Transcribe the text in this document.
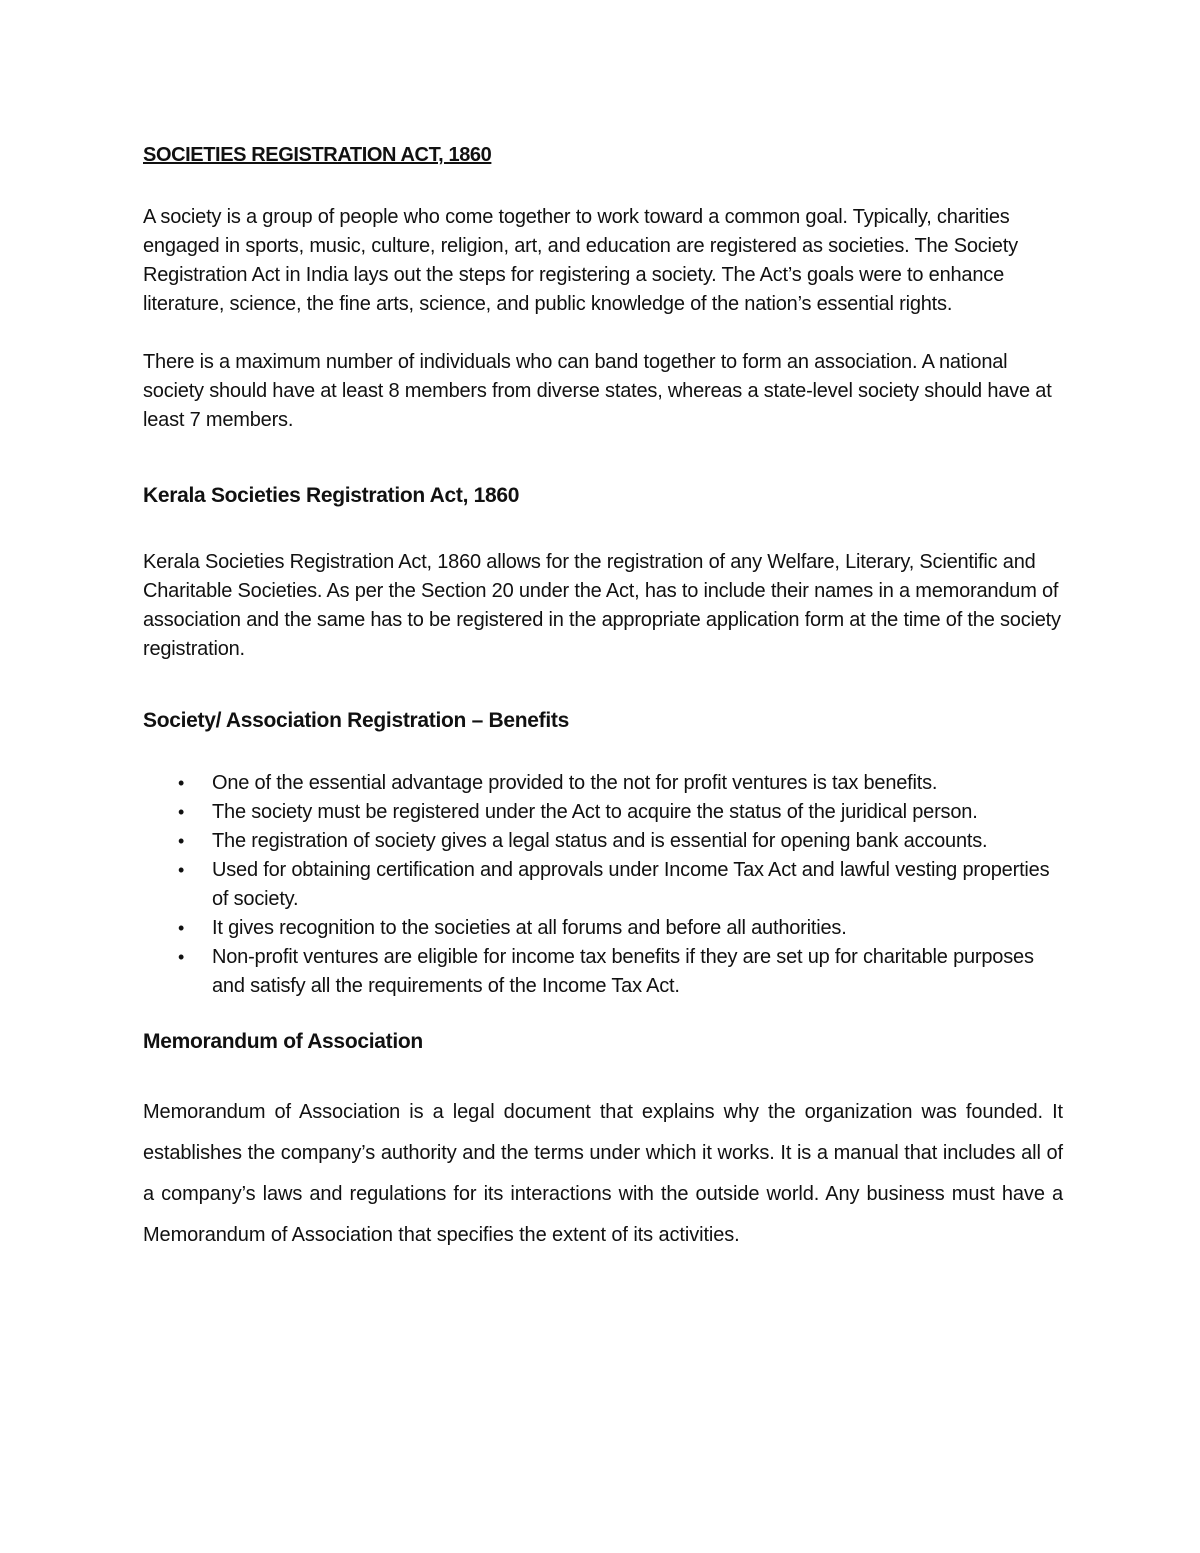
SOCIETIES REGISTRATION ACT, 1860

A society is a group of people who come together to work toward a common goal. Typically, charities engaged in sports, music, culture, religion, art, and education are registered as societies. The Society Registration Act in India lays out the steps for registering a society. The Act’s goals were to enhance literature, science, the fine arts, science, and public knowledge of the nation’s essential rights.

There is a maximum number of individuals who can band together to form an association. A national society should have at least 8 members from diverse states, whereas a state-level society should have at least 7 members.

Kerala Societies Registration Act, 1860

Kerala Societies Registration Act, 1860 allows for the registration of any Welfare, Literary, Scientific and Charitable Societies. As per the Section 20 under the Act, has to include their names in a memorandum of association and the same has to be registered in the appropriate application form at the time of the society registration.

Society/ Association Registration – Benefits
• One of the essential advantage provided to the not for profit ventures is tax benefits.
• The society must be registered under the Act to acquire the status of the juridical person.
• The registration of society gives a legal status and is essential for opening bank accounts.
• Used for obtaining certification and approvals under Income Tax Act and lawful vesting properties of society.
• It gives recognition to the societies at all forums and before all authorities.
• Non-profit ventures are eligible for income tax benefits if they are set up for charitable purposes and satisfy all the requirements of the Income Tax Act.
Memorandum of Association

Memorandum of Association is a legal document that explains why the organization was founded. It establishes the company’s authority and the terms under which it works. It is a manual that includes all of a company’s laws and regulations for its interactions with the outside world. Any business must have a Memorandum of Association that specifies the extent of its activities.
